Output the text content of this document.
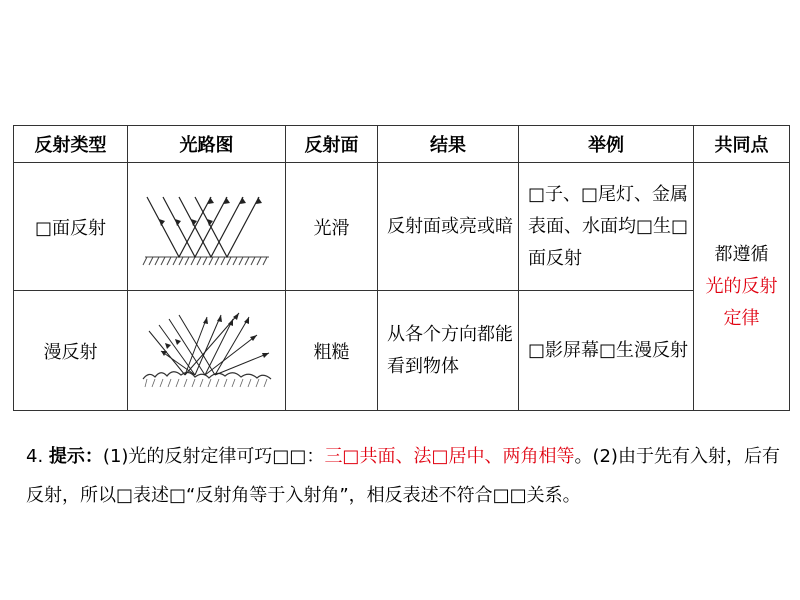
反射类型	光路图	反射面	结果	举例	共同点
□面反射		光滑	反射面或亮或暗	□子、□尾灯、金属表面、水面均□生□面反射	都遵循
光的反射定律
漫反射		粗糙	从各个方向都能看到物体	□影屏幕□生漫反射	
4. 提示：(1)光的反射定律可巧□□：三□共面、法□居中、两角相等。(2)由于先有入射，后有反射，所以□表述□“反射角等于入射角”，相反表述不符合□□关系。
